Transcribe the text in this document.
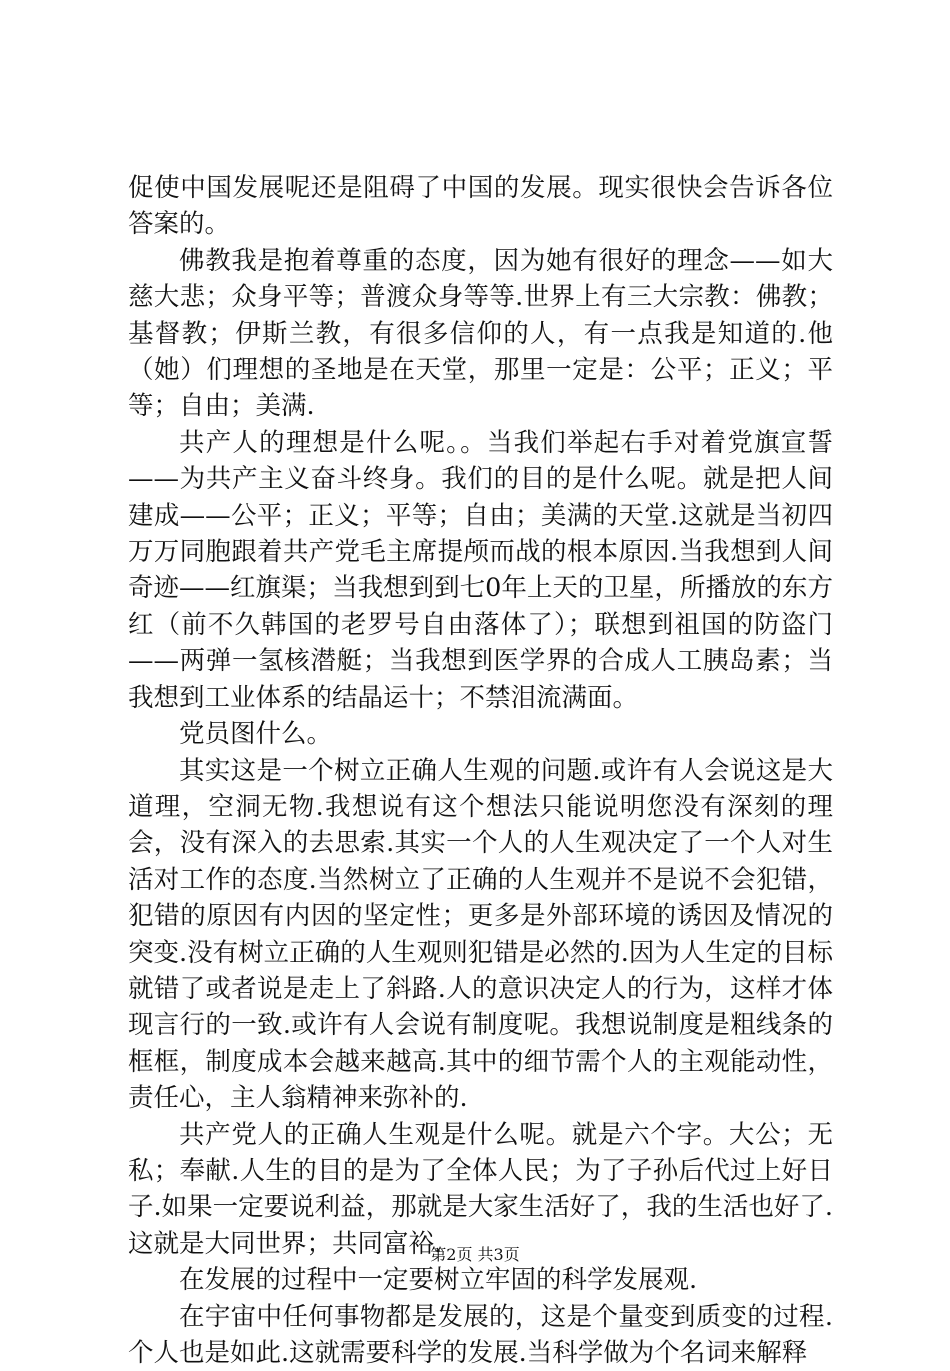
促使中国发展呢还是阻碍了中国的发展。现实很快会告诉各位答案的。

佛教我是抱着尊重的态度，因为她有很好的理念——如大慈大悲；众身平等；普渡众身等等.世界上有三大宗教：佛教；基督教；伊斯兰教，有很多信仰的人，有一点我是知道的.他（她）们理想的圣地是在天堂，那里一定是：公平；正义；平等；自由；美满.

共产人的理想是什么呢。。当我们举起右手对着党旗宣誓——为共产主义奋斗终身。我们的目的是什么呢。就是把人间建成——公平；正义；平等；自由；美满的天堂.这就是当初四万万同胞跟着共产党毛主席提颅而战的根本原因.当我想到人间奇迹——红旗渠；当我想到到七0年上天的卫星，所播放的东方红（前不久韩国的老罗号自由落体了）；联想到祖国的防盗门——两弹一氢核潜艇；当我想到医学界的合成人工胰岛素；当我想到工业体系的结晶运十；不禁泪流满面。

党员图什么。

其实这是一个树立正确人生观的问题.或许有人会说这是大道理，空洞无物.我想说有这个想法只能说明您没有深刻的理会，没有深入的去思索.其实一个人的人生观决定了一个人对生活对工作的态度.当然树立了正确的人生观并不是说不会犯错，犯错的原因有内因的坚定性；更多是外部环境的诱因及情况的突变.没有树立正确的人生观则犯错是必然的.因为人生定的目标就错了或者说是走上了斜路.人的意识决定人的行为，这样才体现言行的一致.或许有人会说有制度呢。我想说制度是粗线条的框框，制度成本会越来越高.其中的细节需个人的主观能动性，责任心，主人翁精神来弥补的.

共产党人的正确人生观是什么呢。就是六个字。大公；无私；奉献.人生的目的是为了全体人民；为了子孙后代过上好日子.如果一定要说利益，那就是大家生活好了，我的生活也好了.这就是大同世界；共同富裕.

在发展的过程中一定要树立牢固的科学发展观.

在宇宙中任何事物都是发展的，这是个量变到质变的过程.个人也是如此.这就需要科学的发展.当科学做为个名词来解释

第2页 共3页
